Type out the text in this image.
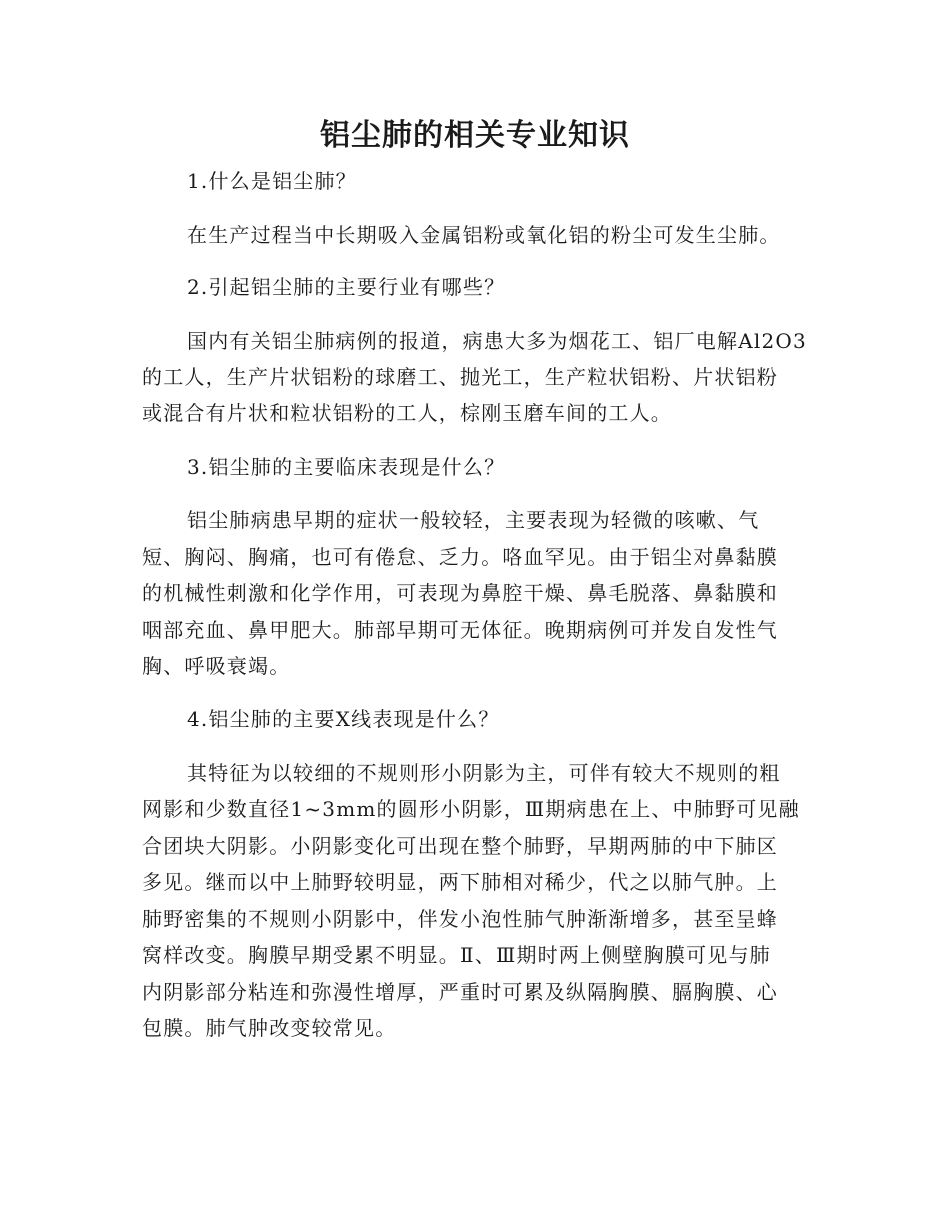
铝尘肺的相关专业知识

1.什么是铝尘肺？

在生产过程当中长期吸入金属铝粉或氧化铝的粉尘可发生尘肺。

2.引起铝尘肺的主要行业有哪些？

国内有关铝尘肺病例的报道，病患大多为烟花工、铝厂电解Al2O3

的工人，生产片状铝粉的球磨工、抛光工，生产粒状铝粉、片状铝粉

或混合有片状和粒状铝粉的工人，棕刚玉磨车间的工人。

3.铝尘肺的主要临床表现是什么？

铝尘肺病患早期的症状一般较轻，主要表现为轻微的咳嗽、气

短、胸闷、胸痛，也可有倦怠、乏力。咯血罕见。由于铝尘对鼻黏膜

的机械性刺激和化学作用，可表现为鼻腔干燥、鼻毛脱落、鼻黏膜和

咽部充血、鼻甲肥大。肺部早期可无体征。晚期病例可并发自发性气

胸、呼吸衰竭。

4.铝尘肺的主要X线表现是什么？

其特征为以较细的不规则形小阴影为主，可伴有较大不规则的粗

网影和少数直径1~3mm的圆形小阴影，Ⅲ期病患在上、中肺野可见融

合团块大阴影。小阴影变化可出现在整个肺野，早期两肺的中下肺区

多见。继而以中上肺野较明显，两下肺相对稀少，代之以肺气肿。上

肺野密集的不规则小阴影中，伴发小泡性肺气肿渐渐增多，甚至呈蜂

窝样改变。胸膜早期受累不明显。Ⅱ、Ⅲ期时两上侧壁胸膜可见与肺

内阴影部分粘连和弥漫性增厚，严重时可累及纵隔胸膜、膈胸膜、心

包膜。肺气肿改变较常见。
